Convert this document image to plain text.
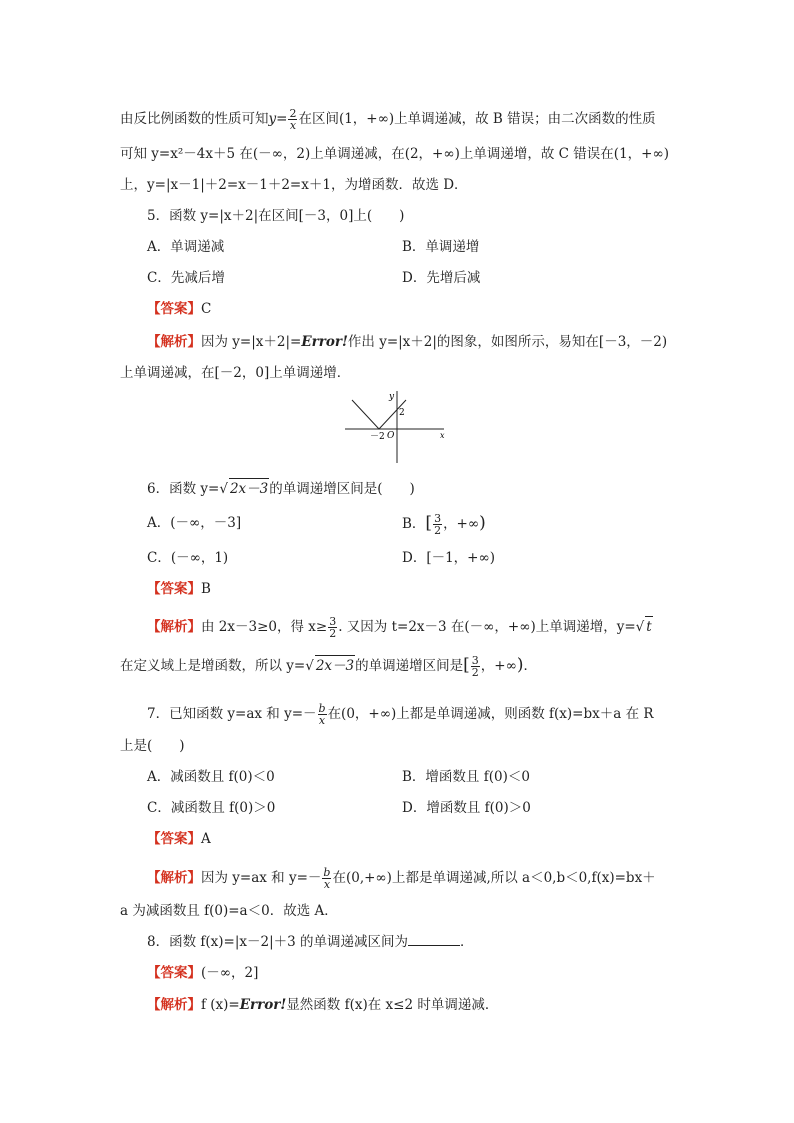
由反比例函数的性质可知$y= \frac{2}{x}$ 在区间(1，+∞)上单调递减，故 B 错误；由二次函数的性质
可知 y=x²－4x＋5 在(－∞，2)上单调递减，在(2，+∞)上单调递增，故 C 错误在(1，+∞)
上，y=|x－1|＋2=x－1＋2=x＋1，为增函数．故选 D．
5．函数 y=|x＋2|在区间[－3，0]上(　　)
A．单调递减	B．单调递增
C．先减后增	D．先增后减
【答案】C
【解析】因为 y=|x＋2|=Error!作出 y=|x＋2|的图象，如图所示，易知在[－3，－2)
上单调递减，在[－2，0]上单调递增．
y
x
O
－2
2
6．函数 y=√ 2x－3的单调递增区间是(　　)
A．(－∞，－3]	B．[ $\frac{3}{2}$ ，+∞)
C．(－∞，1)	D．[－1，+∞)
【答案】B
【解析】由 2x－3≥0，得 $x\ge \frac{3}{2}$ . 又因为 t=2x－3 在(－∞，+∞)上单调递增，y=√ t
在定义域上是增函数，所以 y=√ 2x－3的单调递增区间是[ $\frac{3}{2}$ ，+∞)．
7．已知函数 y=ax 和 $y=- \frac{b}{x}$ 在(0，+∞)上都是单调递减，则函数 f(x)=bx＋a 在 R
上是(　　)
A．减函数且 f(0)＜0	B．增函数且 f(0)＜0
C．减函数且 f(0)＞0	D．增函数且 f(0)＞0
【答案】A
【解析】因为 y=ax 和 $y=- \frac{b}{x}$ 在(0,+∞)上都是单调递减,所以 a＜0,b＜0,f(x)=bx＋
a 为减函数且 f(0)=a＜0．故选 A．
8．函数 f(x)=|x－2|＋3 的单调递减区间为	．
【答案】(－∞，2]
【解析】f (x)=Error!显然函数 f(x)在 x≤2 时单调递减．
